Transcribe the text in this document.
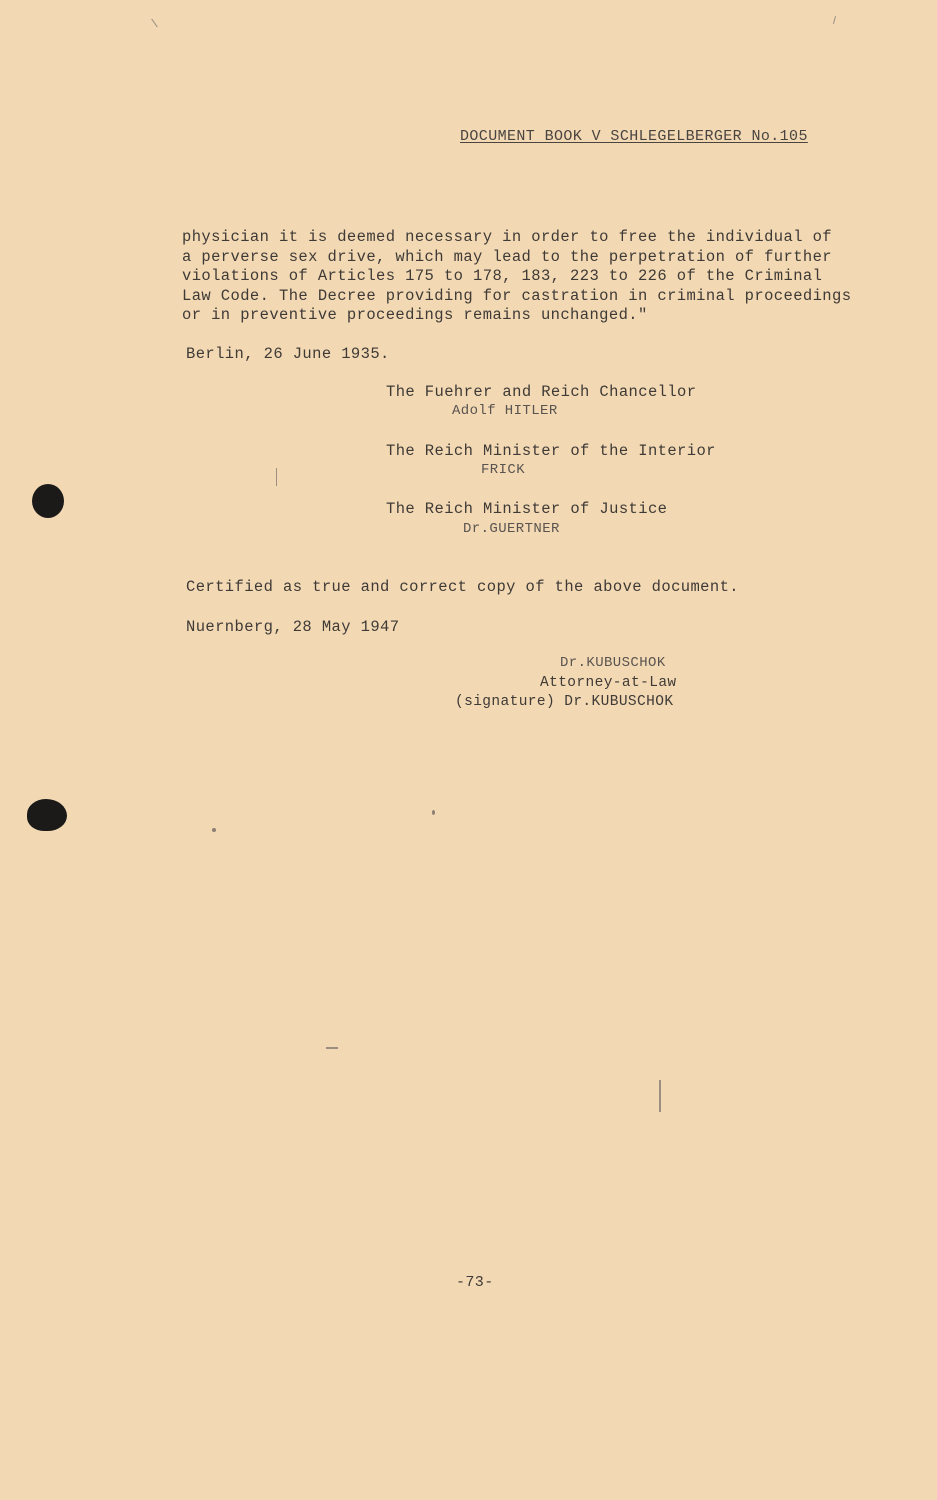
DOCUMENT BOOK V SCHLEGELBERGER No.105
physician it is deemed necessary in order to free the individual of
a perverse sex drive, which may lead to the perpetration of further
violations of Articles 175 to 178, 183, 223 to 226 of the Criminal
Law Code. The Decree providing for castration in criminal proceedings
or in preventive proceedings remains unchanged."
Berlin, 26 June 1935.
The Fuehrer and Reich Chancellor
Adolf HITLER
The Reich Minister of the Interior
FRICK
The Reich Minister of Justice
Dr.GUERTNER
Certified as true and correct copy of the above document.
Nuernberg, 28 May 1947
Dr.KUBUSCHOK
Attorney-at-Law
(signature) Dr.KUBUSCHOK
-73-
